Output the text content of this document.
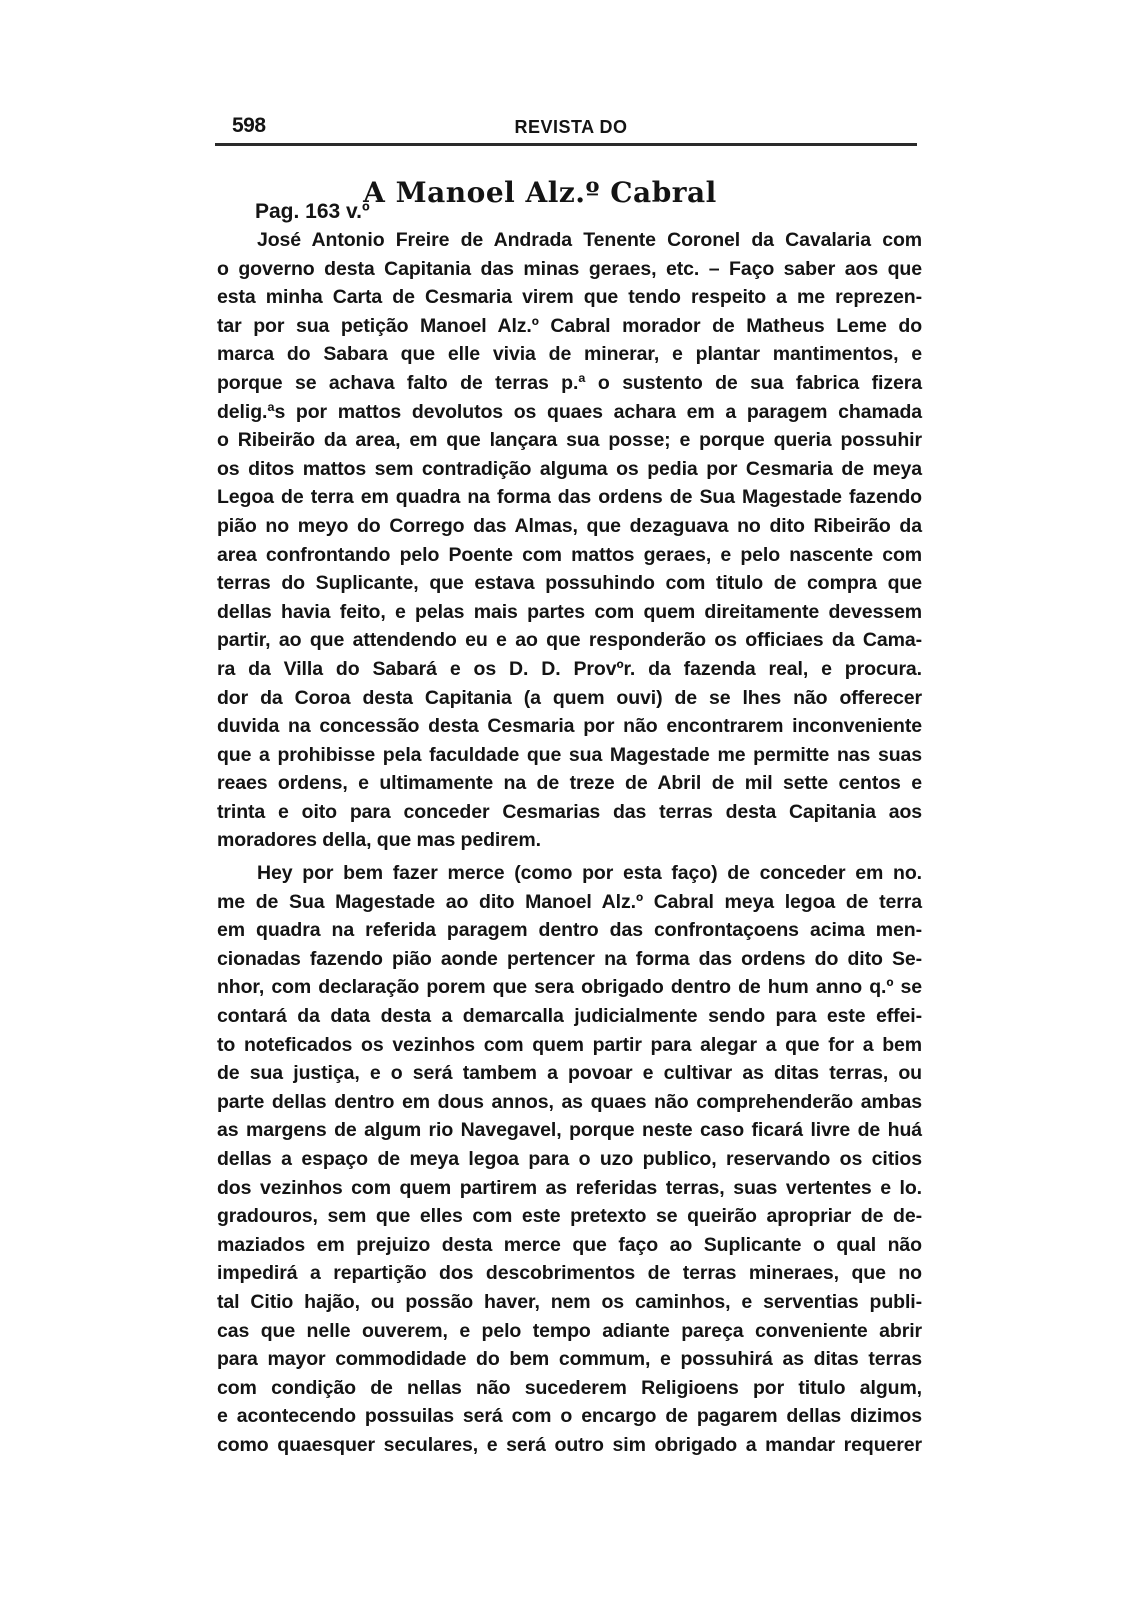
598	REVISTA DO
A Manoel Alz.º Cabral
Pag. 163 v.º
José Antonio Freire de Andrada Tenente Coronel da Cavalaria com
o governo desta Capitania das minas geraes, etc. – Faço saber aos que
esta minha Carta de Cesmaria virem que tendo respeito a me reprezen-
tar por sua petição Manoel Alz.º Cabral morador de Matheus Leme do
marca do Sabara que elle vivia de minerar, e plantar mantimentos, e
porque se achava falto de terras p.ª o sustento de sua fabrica fizera
delig.ªs por mattos devolutos os quaes achara em a paragem chamada
o Ribeirão da area, em que lançara sua posse; e porque queria possuhir
os ditos mattos sem contradição alguma os pedia por Cesmaria de meya
Legoa de terra em quadra na forma das ordens de Sua Magestade fazendo
pião no meyo do Corrego das Almas, que dezaguava no dito Ribeirão da
area confrontando pelo Poente com mattos geraes, e pelo nascente com
terras do Suplicante, que estava possuhindo com titulo de compra que
dellas havia feito, e pelas mais partes com quem direitamente devessem
partir, ao que attendendo eu e ao que responderão os officiaes da Cama-
ra da Villa do Sabará e os D. D. Provºr. da fazenda real, e procura.
dor da Coroa desta Capitania (a quem ouvi) de se lhes não offerecer
duvida na concessão desta Cesmaria por não encontrarem inconveniente
que a prohibisse pela faculdade que sua Magestade me permitte nas suas
reaes ordens, e ultimamente na de treze de Abril de mil sette centos e
trinta e oito para conceder Cesmarias das terras desta Capitania aos
moradores della, que mas pedirem.
Hey por bem fazer merce (como por esta faço) de conceder em no.
me de Sua Magestade ao dito Manoel Alz.º Cabral meya legoa de terra
em quadra na referida paragem dentro das confrontaçoens acima men-
cionadas fazendo pião aonde pertencer na forma das ordens do dito Se-
nhor, com declaração porem que sera obrigado dentro de hum anno q.º se
contará da data desta a demarcalla judicialmente sendo para este effei-
to noteficados os vezinhos com quem partir para alegar a que for a bem
de sua justiça, e o será tambem a povoar e cultivar as ditas terras, ou
parte dellas dentro em dous annos, as quaes não comprehenderão ambas
as margens de algum rio Navegavel, porque neste caso ficará livre de huá
dellas a espaço de meya legoa para o uzo publico, reservando os citios
dos vezinhos com quem partirem as referidas terras, suas vertentes e lo.
gradouros, sem que elles com este pretexto se queirão apropriar de de-
maziados em prejuizo desta merce que faço ao Suplicante o qual não
impedirá a repartição dos descobrimentos de terras mineraes, que no
tal Citio hajão, ou possão haver, nem os caminhos, e serventias publi-
cas que nelle ouverem, e pelo tempo adiante pareça conveniente abrir
para mayor commodidade do bem commum, e possuhirá as ditas terras
com condição de nellas não sucederem Religioens por titulo algum,
e acontecendo possuilas será com o encargo de pagarem dellas dizimos
como quaesquer seculares, e será outro sim obrigado a mandar requerer
